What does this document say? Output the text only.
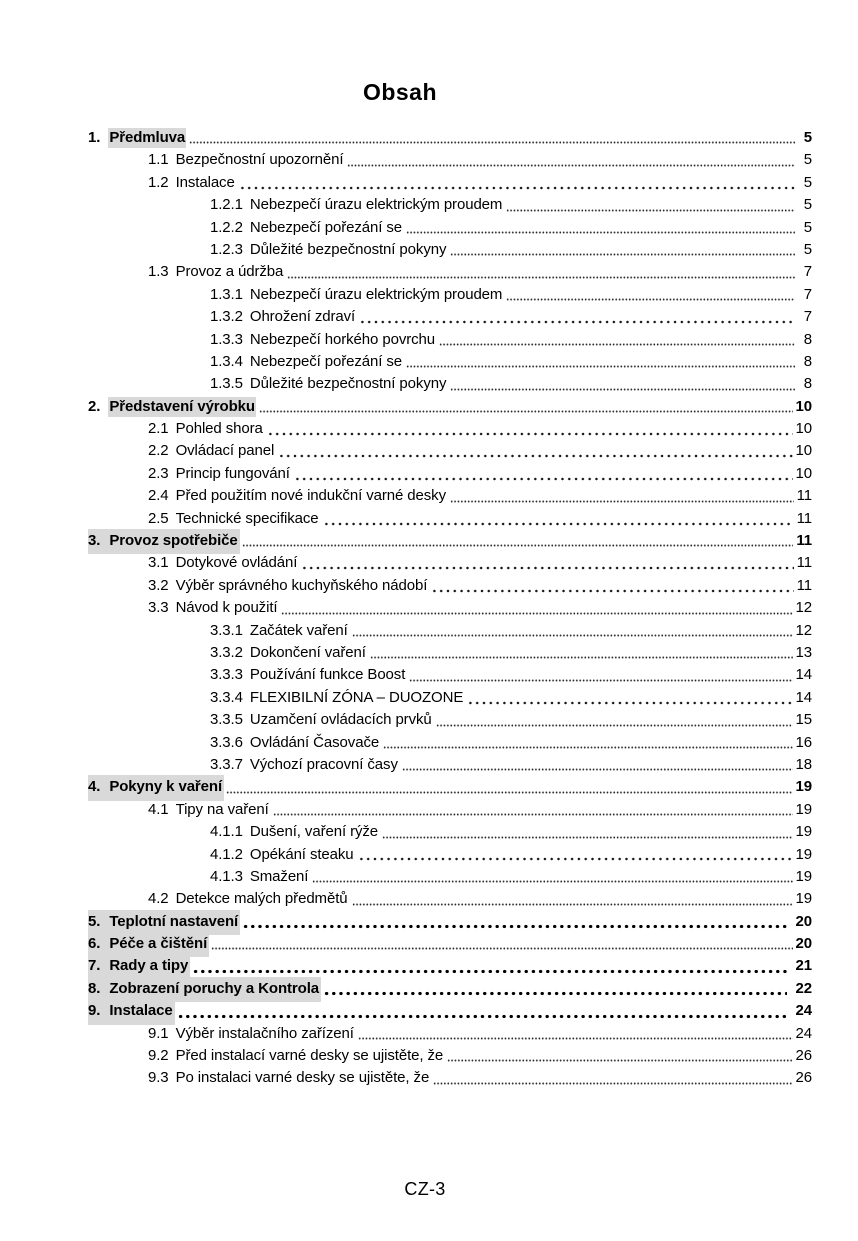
Obsah
1. Předmluva	5
1.1 Bezpečnostní upozornění	5
1.2 Instalace	5
1.2.1 Nebezpečí úrazu elektrickým proudem	5
1.2.2 Nebezpečí pořezání se	5
1.2.3 Důležité bezpečnostní pokyny	5
1.3 Provoz a údržba	7
1.3.1 Nebezpečí úrazu elektrickým proudem	7
1.3.2 Ohrožení zdraví	7
1.3.3 Nebezpečí horkého povrchu	8
1.3.4 Nebezpečí pořezání se	8
1.3.5 Důležité bezpečnostní pokyny	8
2. Představení výrobku	10
2.1 Pohled shora	10
2.2 Ovládací panel	10
2.3 Princip fungování	10
2.4 Před použitím nové indukční varné desky	11
2.5 Technické specifikace	11
3. Provoz spotřebiče	11
3.1 Dotykové ovládání	11
3.2 Výběr správného kuchyňského nádobí	11
3.3 Návod k použití	12
3.3.1 Začátek vaření	12
3.3.2 Dokončení vaření	13
3.3.3 Používání funkce Boost	14
3.3.4 FLEXIBILNÍ ZÓNA – DUOZONE	14
3.3.5 Uzamčení ovládacích prvků	15
3.3.6 Ovládání Časovače	16
3.3.7 Výchozí pracovní časy	18
4. Pokyny k vaření	19
4.1 Tipy na vaření	19
4.1.1 Dušení, vaření rýže	19
4.1.2 Opékání steaku	19
4.1.3 Smažení	19
4.2 Detekce malých předmětů	19
5. Teplotní nastavení	20
6. Péče a čištění	20
7. Rady a tipy	21
8. Zobrazení poruchy a Kontrola	22
9. Instalace	24
9.1 Výběr instalačního zařízení	24
9.2 Před instalací varné desky se ujistěte, že	26
9.3 Po instalaci varné desky se ujistěte, že	26
CZ-3
